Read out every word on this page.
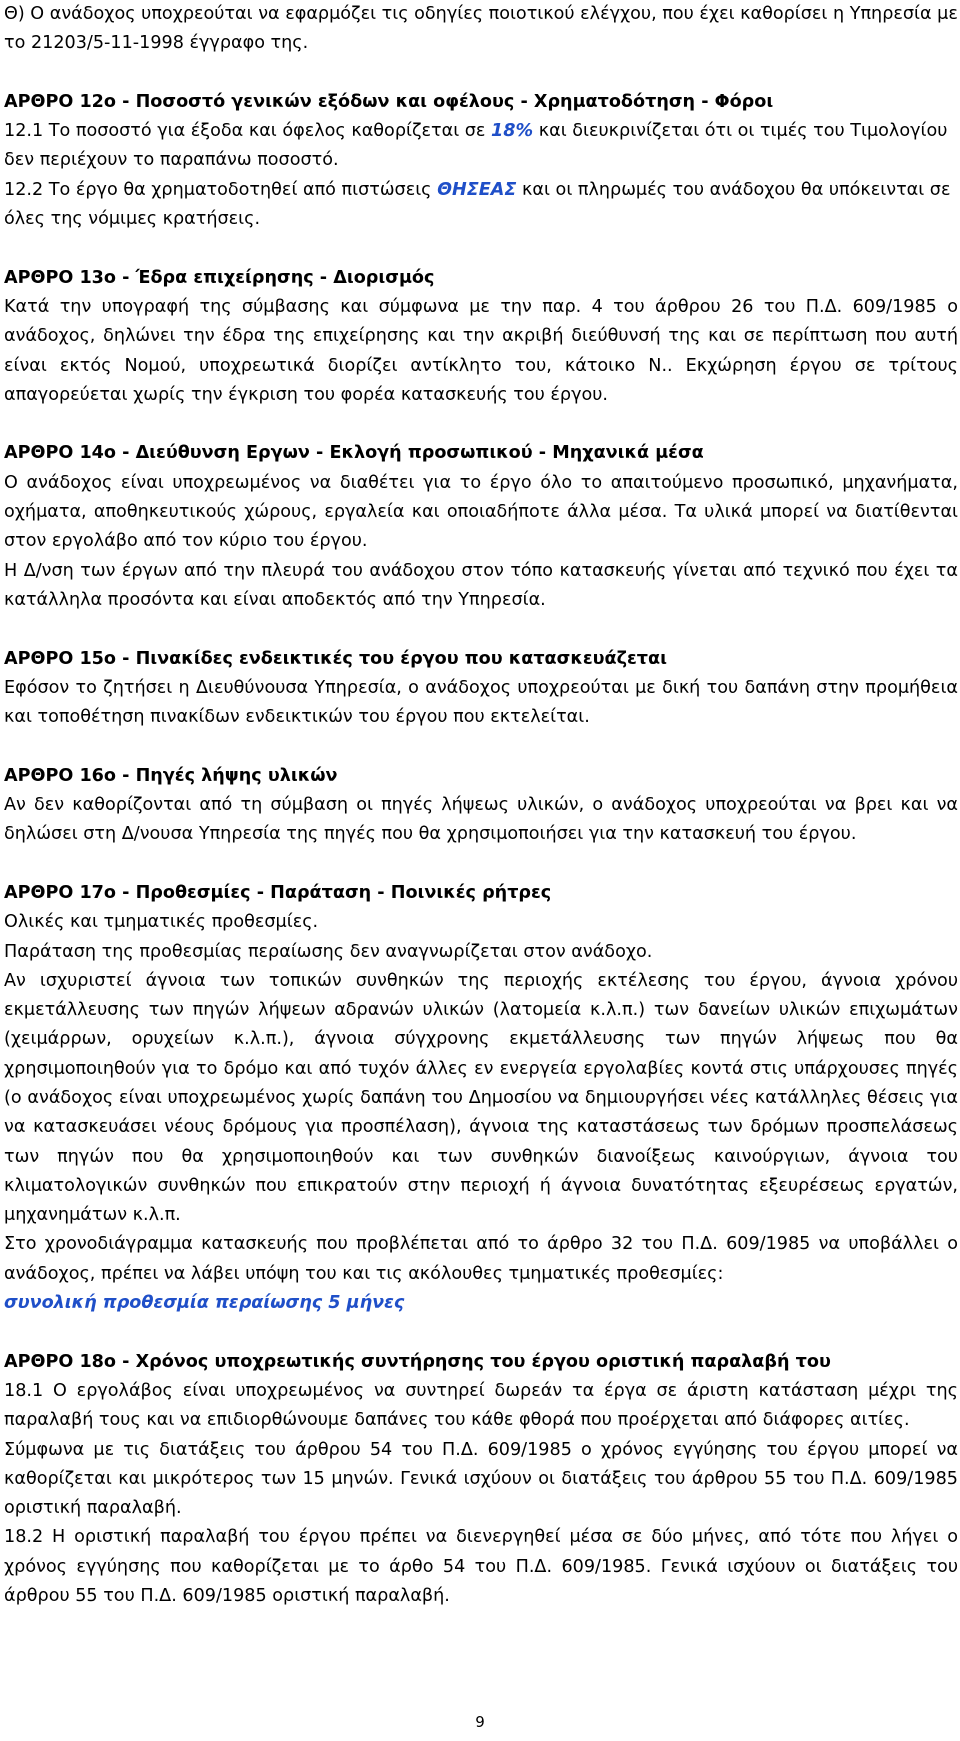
Θ) Ο ανάδοχος υποχρεούται να εφαρμόζει τις οδηγίες ποιοτικού ελέγχου, που έχει καθορίσει η Υπηρεσία με το 21203/5-11-1998 έγγραφο της.

ΑΡΘΡΟ 12ο - Ποσοστό γενικών εξόδων και οφέλους - Χρηματοδότηση - Φόροι

12.1 Το ποσοστό για έξοδα και όφελος καθορίζεται σε 18% και διευκρινίζεται ότι οι τιμές του Τιμολογίου δεν περιέχουν το παραπάνω ποσοστό.

12.2 Το έργο θα χρηματοδοτηθεί από πιστώσεις ΘΗΣΕΑΣ και οι πληρωμές του ανάδοχου θα υπόκεινται σε όλες της νόμιμες κρατήσεις.

ΑΡΘΡΟ 13ο - Έδρα επιχείρησης - Διορισμός

Κατά την υπογραφή της σύμβασης και σύμφωνα με την παρ. 4 του άρθρου 26 του Π.Δ. 609/1985 ο ανάδοχος, δηλώνει την έδρα της επιχείρησης και την ακριβή διεύθυνσή της και σε περίπτωση που αυτή είναι εκτός Νομού, υποχρεωτικά διορίζει αντίκλητο του, κάτοικο Ν.. Εκχώρηση έργου σε τρίτους απαγορεύεται χωρίς την έγκριση του φορέα κατασκευής του έργου.

ΑΡΘΡΟ 14ο - Διεύθυνση Εργων - Εκλογή προσωπικού - Μηχανικά μέσα

Ο ανάδοχος είναι υποχρεωμένος να διαθέτει για το έργο όλο το απαιτούμενο προσωπικό, μηχανήματα, οχήματα, αποθηκευτικούς χώρους, εργαλεία και οποιαδήποτε άλλα μέσα. Τα υλικά μπορεί να διατίθενται στον εργολάβο από τον κύριο του έργου.

Η Δ/νση των έργων από την πλευρά του ανάδοχου στον τόπο κατασκευής γίνεται από τεχνικό που έχει τα κατάλληλα προσόντα και είναι αποδεκτός από την Υπηρεσία.

ΑΡΘΡΟ 15ο - Πινακίδες ενδεικτικές του έργου που κατασκευάζεται

Εφόσον το ζητήσει η Διευθύνουσα Υπηρεσία, ο ανάδοχος υποχρεούται με δική του δαπάνη στην προμήθεια και τοποθέτηση πινακίδων ενδεικτικών του έργου που εκτελείται.

ΑΡΘΡΟ 16ο - Πηγές λήψης υλικών

Αν δεν καθορίζονται από τη σύμβαση οι πηγές λήψεως υλικών, ο ανάδοχος υποχρεούται να βρει και να δηλώσει στη Δ/νουσα Υπηρεσία της πηγές που θα χρησιμοποιήσει για την κατασκευή του έργου.

ΑΡΘΡΟ 17ο - Προθεσμίες - Παράταση - Ποινικές ρήτρες

Ολικές και τμηματικές προθεσμίες.

Παράταση της προθεσμίας περαίωσης δεν αναγνωρίζεται στον ανάδοχο.

Αν ισχυριστεί άγνοια των τοπικών συνθηκών της περιοχής εκτέλεσης του έργου, άγνοια χρόνου εκμετάλλευσης των πηγών λήψεων αδρανών υλικών (λατομεία κ.λ.π.) των δανείων υλικών επιχωμάτων (χειμάρρων, ορυχείων κ.λ.π.), άγνοια σύγχρονης εκμετάλλευσης των πηγών λήψεως που θα χρησιμοποιηθούν για το δρόμο και από τυχόν άλλες εν ενεργεία εργολαβίες κοντά στις υπάρχουσες πηγές (ο ανάδοχος είναι υποχρεωμένος χωρίς δαπάνη του Δημοσίου να δημιουργήσει νέες κατάλληλες θέσεις για να κατασκευάσει νέους δρόμους για προσπέλαση), άγνοια της καταστάσεως των δρόμων προσπελάσεως των πηγών που θα χρησιμοποιηθούν και των συνθηκών διανοίξεως καινούργιων, άγνοια του κλιματολογικών συνθηκών που επικρατούν στην περιοχή ή άγνοια δυνατότητας εξευρέσεως εργατών, μηχανημάτων κ.λ.π.

Στο χρονοδιάγραμμα κατασκευής που προβλέπεται από το άρθρο 32 του Π.Δ. 609/1985 να υποβάλλει ο ανάδοχος, πρέπει να λάβει υπόψη του και τις ακόλουθες τμηματικές προθεσμίες:

συνολική προθεσμία περαίωσης 5 μήνες

ΑΡΘΡΟ 18ο - Χρόνος υποχρεωτικής συντήρησης του έργου οριστική παραλαβή του

18.1 Ο εργολάβος είναι υποχρεωμένος να συντηρεί δωρεάν τα έργα σε άριστη κατάσταση μέχρι της παραλαβή τους και να επιδιορθώνουμε δαπάνες του κάθε φθορά που προέρχεται από διάφορες αιτίες.

Σύμφωνα με τις διατάξεις του άρθρου 54 του Π.Δ. 609/1985 ο χρόνος εγγύησης του έργου μπορεί να καθορίζεται και μικρότερος των 15 μηνών. Γενικά ισχύουν οι διατάξεις του άρθρου 55 του Π.Δ. 609/1985 οριστική παραλαβή.

18.2 Η οριστική παραλαβή του έργου πρέπει να διενεργηθεί μέσα σε δύο μήνες, από τότε που λήγει ο χρόνος εγγύησης που καθορίζεται με το άρθο 54 του Π.Δ. 609/1985. Γενικά ισχύουν οι διατάξεις του άρθρου 55 του Π.Δ. 609/1985 οριστική παραλαβή.

9
